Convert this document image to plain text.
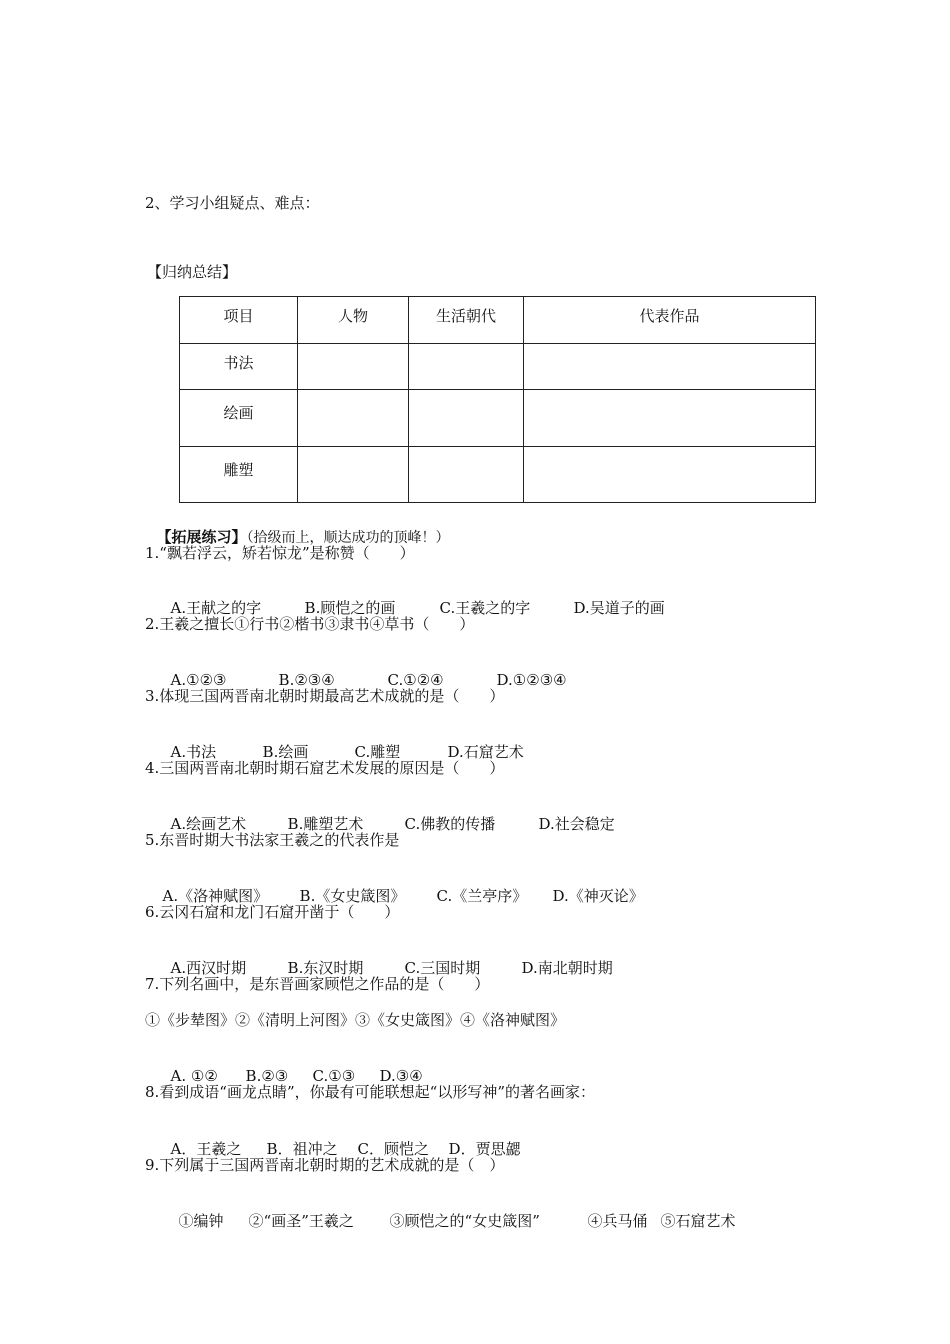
2、学习小组疑点、难点：
【归纳总结】
项目	人物	生活朝代	代表作品
书法			
绘画			
雕塑			

【拓展练习】（拾级而上，顺达成功的顶峰！）

1.“飘若浮云，矫若惊龙”是称赞（　　）

A.王献之的字	B.顾恺之的画	C.王羲之的字	D.吴道子的画

2.王羲之擅长①行书②楷书③隶书④草书（　　）

A.①②③	B.②③④	C.①②④	D.①②③④

3.体现三国两晋南北朝时期最高艺术成就的是（　　）

A.书法	B.绘画	C.雕塑	D.石窟艺术

4.三国两晋南北朝时期石窟艺术发展的原因是（　　）

A.绘画艺术	B.雕塑艺术	C.佛教的传播	D.社会稳定

5.东晋时期大书法家王羲之的代表作是

A.《洛神赋图》 B.《女史箴图》 C.《兰亭序》 D.《神灭论》

6.云冈石窟和龙门石窟开凿于（　　）

A.西汉时期	B.东汉时期	C.三国时期	D.南北朝时期

7.下列名画中，是东晋画家顾恺之作品的是（　　）
①《步辇图》②《清明上河图》③《女史箴图》④《洛神赋图》

A. ①② B.②③ C.①③ D.③④

8.看到成语“画龙点睛”，你最有可能联想起“以形写神”的著名画家：

A．王羲之 B．祖冲之 C．顾恺之 D．贾思勰

9.下列属于三国两晋南北朝时期的艺术成就的是（　）

①编钟 ②“画圣”王羲之 ③顾恺之的“女史箴图”	④兵马俑 ⑤石窟艺术
